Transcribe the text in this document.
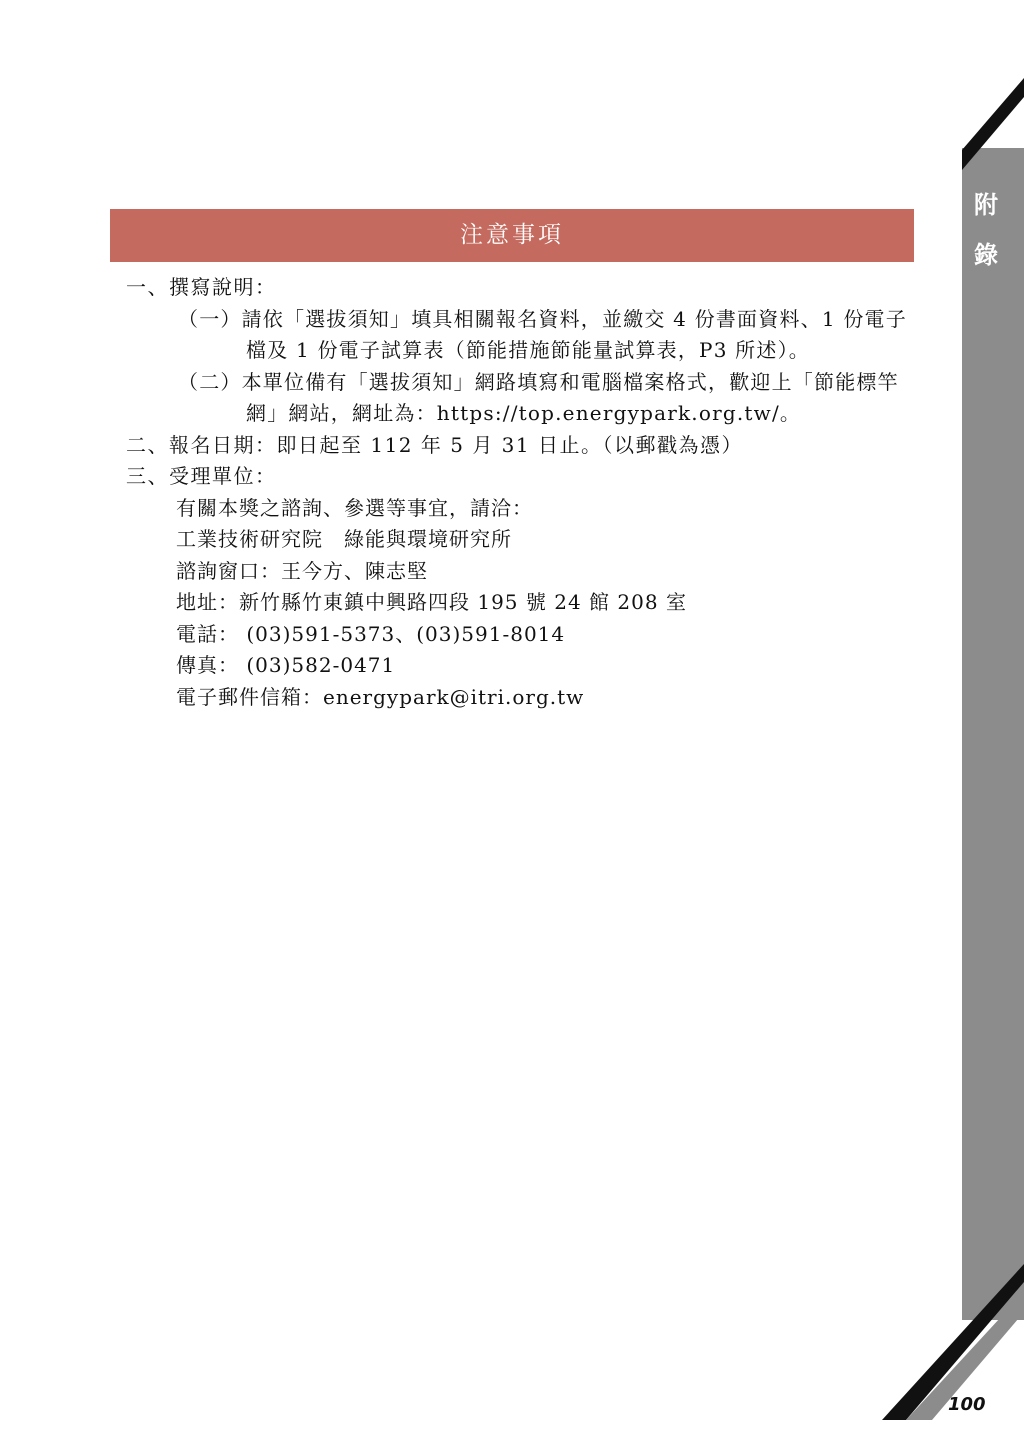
附
錄
注意事項

一、撰寫說明：

（一）請依「選拔須知」填具相關報名資料，並繳交 4 份書面資料、1 份電子檔及 1 份電子試算表（節能措施節能量試算表，P3 所述）。

（二）本單位備有「選拔須知」網路填寫和電腦檔案格式，歡迎上「節能標竿網」網站，網址為：https://top.energypark.org.tw/。

二、報名日期：即日起至 112 年 5 月 31 日止。（以郵戳為憑）

三、受理單位：

有關本獎之諮詢、參選等事宜，請洽：

工業技術研究院　綠能與環境研究所

諮詢窗口：王今方、陳志堅

地址：新竹縣竹東鎮中興路四段 195 號 24 館 208 室

電話： (03)591-5373、(03)591-8014

傳真： (03)582-0471

電子郵件信箱：energypark@itri.org.tw

100
